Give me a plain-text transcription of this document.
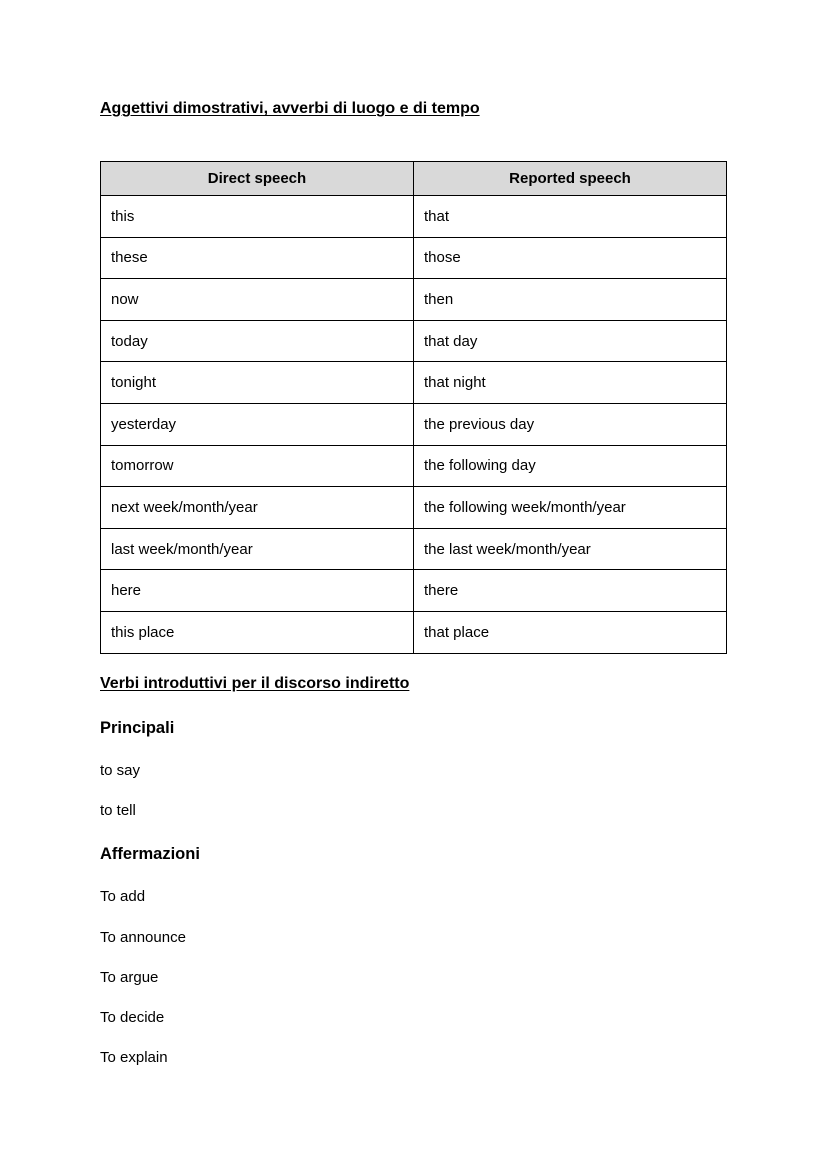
Aggettivi dimostrativi, avverbi di luogo e di tempo
Direct speech	Reported speech
this	that
these	those
now	then
today	that day
tonight	that night
yesterday	the previous day
tomorrow	the following day
next week/month/year	the following week/month/year
last week/month/year	the last week/month/year
here	there
this place	that place
Verbi introduttivi per il discorso indiretto
Principali

to say

to tell

Affermazioni

To add

To announce

To argue

To decide

To explain
